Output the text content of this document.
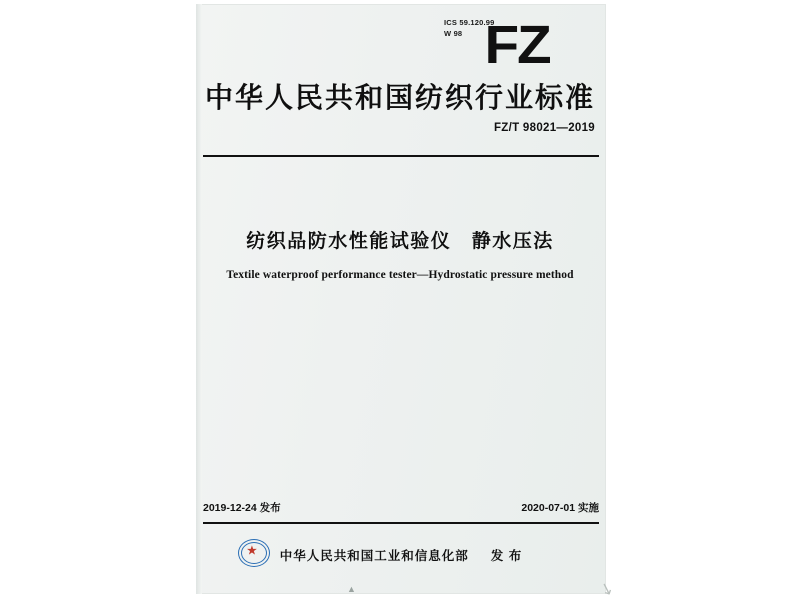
ICS 59.120.99
W 98 FZ
中华人民共和国纺织行业标准
FZ/T 98021—2019
纺织品防水性能试验仪　静水压法
Textile waterproof performance tester—Hydrostatic pressure method
2019-12-24 发布	2020-07-01 实施
★ 中华人民共和国工业和信息化部 发 布
▲	↘
